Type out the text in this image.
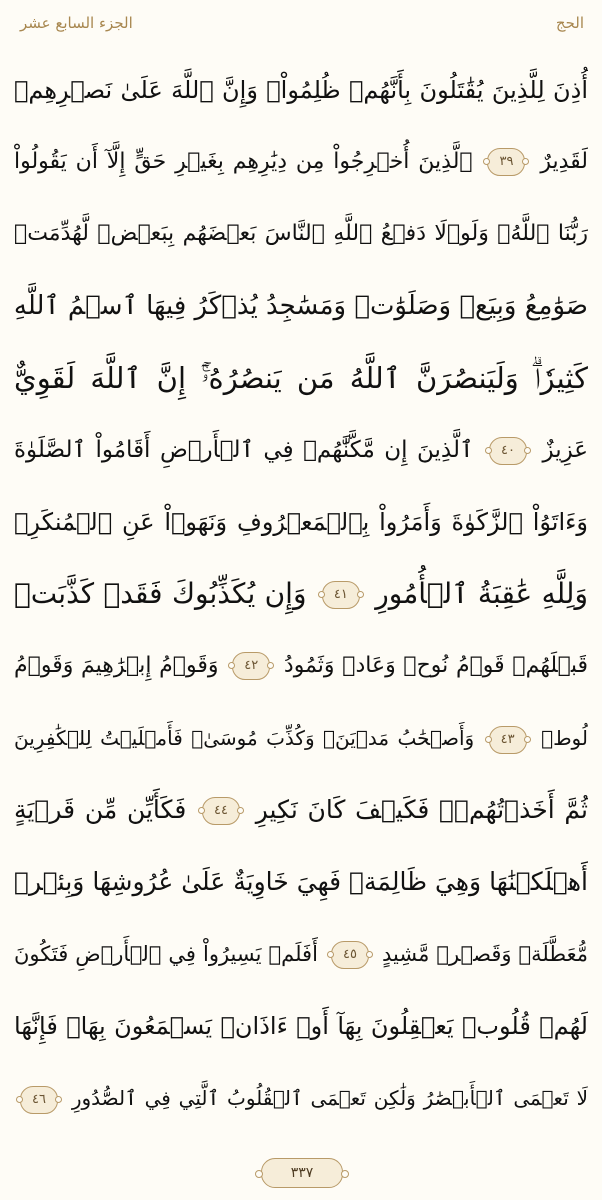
الجزء السابع عشر	الحج
أُذِنَ لِلَّذِينَ يُقَٰتَلُونَ بِأَنَّهُمۡ ظُلِمُواْۚ وَإِنَّ ٱللَّهَ عَلَىٰ نَصۡرِهِمۡ
لَقَدِيرٌ ٣٩ ٱلَّذِينَ أُخۡرِجُواْ مِن دِيَٰرِهِم بِغَيۡرِ حَقٍّ إِلَّآ أَن يَقُولُواْ
رَبُّنَا ٱللَّهُۗ وَلَوۡلَا دَفۡعُ ٱللَّهِ ٱلنَّاسَ بَعۡضَهُم بِبَعۡضٖ لَّهُدِّمَتۡ
صَوَٰمِعُ وَبِيَعٞ وَصَلَوَٰتٞ وَمَسَٰجِدُ يُذۡكَرُ فِيهَا ٱسۡمُ ٱللَّهِ
كَثِيرٗاۗ وَلَيَنصُرَنَّ ٱللَّهُ مَن يَنصُرُهُۥٓۚ إِنَّ ٱللَّهَ لَقَوِيٌّ
عَزِيزٌ ٤٠ ٱلَّذِينَ إِن مَّكَّنَّٰهُمۡ فِي ٱلۡأَرۡضِ أَقَامُواْ ٱلصَّلَوٰةَ
وَءَاتَوُاْ ٱلزَّكَوٰةَ وَأَمَرُواْ بِٱلۡمَعۡرُوفِ وَنَهَوۡاْ عَنِ ٱلۡمُنكَرِۗ
وَلِلَّهِ عَٰقِبَةُ ٱلۡأُمُورِ ٤١ وَإِن يُكَذِّبُوكَ فَقَدۡ كَذَّبَتۡ
قَبۡلَهُمۡ قَوۡمُ نُوحٖ وَعَادٞ وَثَمُودُ ٤٢ وَقَوۡمُ إِبۡرَٰهِيمَ وَقَوۡمُ
لُوطٖ ٤٣ وَأَصۡحَٰبُ مَدۡيَنَۖ وَكُذِّبَ مُوسَىٰۖ فَأَمۡلَيۡتُ لِلۡكَٰفِرِينَ
ثُمَّ أَخَذۡتُهُمۡۖ فَكَيۡفَ كَانَ نَكِيرِ ٤٤ فَكَأَيِّن مِّن قَرۡيَةٍ
أَهۡلَكۡنَٰهَا وَهِيَ ظَالِمَةٞ فَهِيَ خَاوِيَةٌ عَلَىٰ عُرُوشِهَا وَبِئۡرٖ
مُّعَطَّلَةٖ وَقَصۡرٖ مَّشِيدٍ ٤٥ أَفَلَمۡ يَسِيرُواْ فِي ٱلۡأَرۡضِ فَتَكُونَ
لَهُمۡ قُلُوبٞ يَعۡقِلُونَ بِهَآ أَوۡ ءَاذَانٞ يَسۡمَعُونَ بِهَاۖ فَإِنَّهَا
لَا تَعۡمَى ٱلۡأَبۡصَٰرُ وَلَٰكِن تَعۡمَى ٱلۡقُلُوبُ ٱلَّتِي فِي ٱلصُّدُورِ ٤٦
٣٣٧
